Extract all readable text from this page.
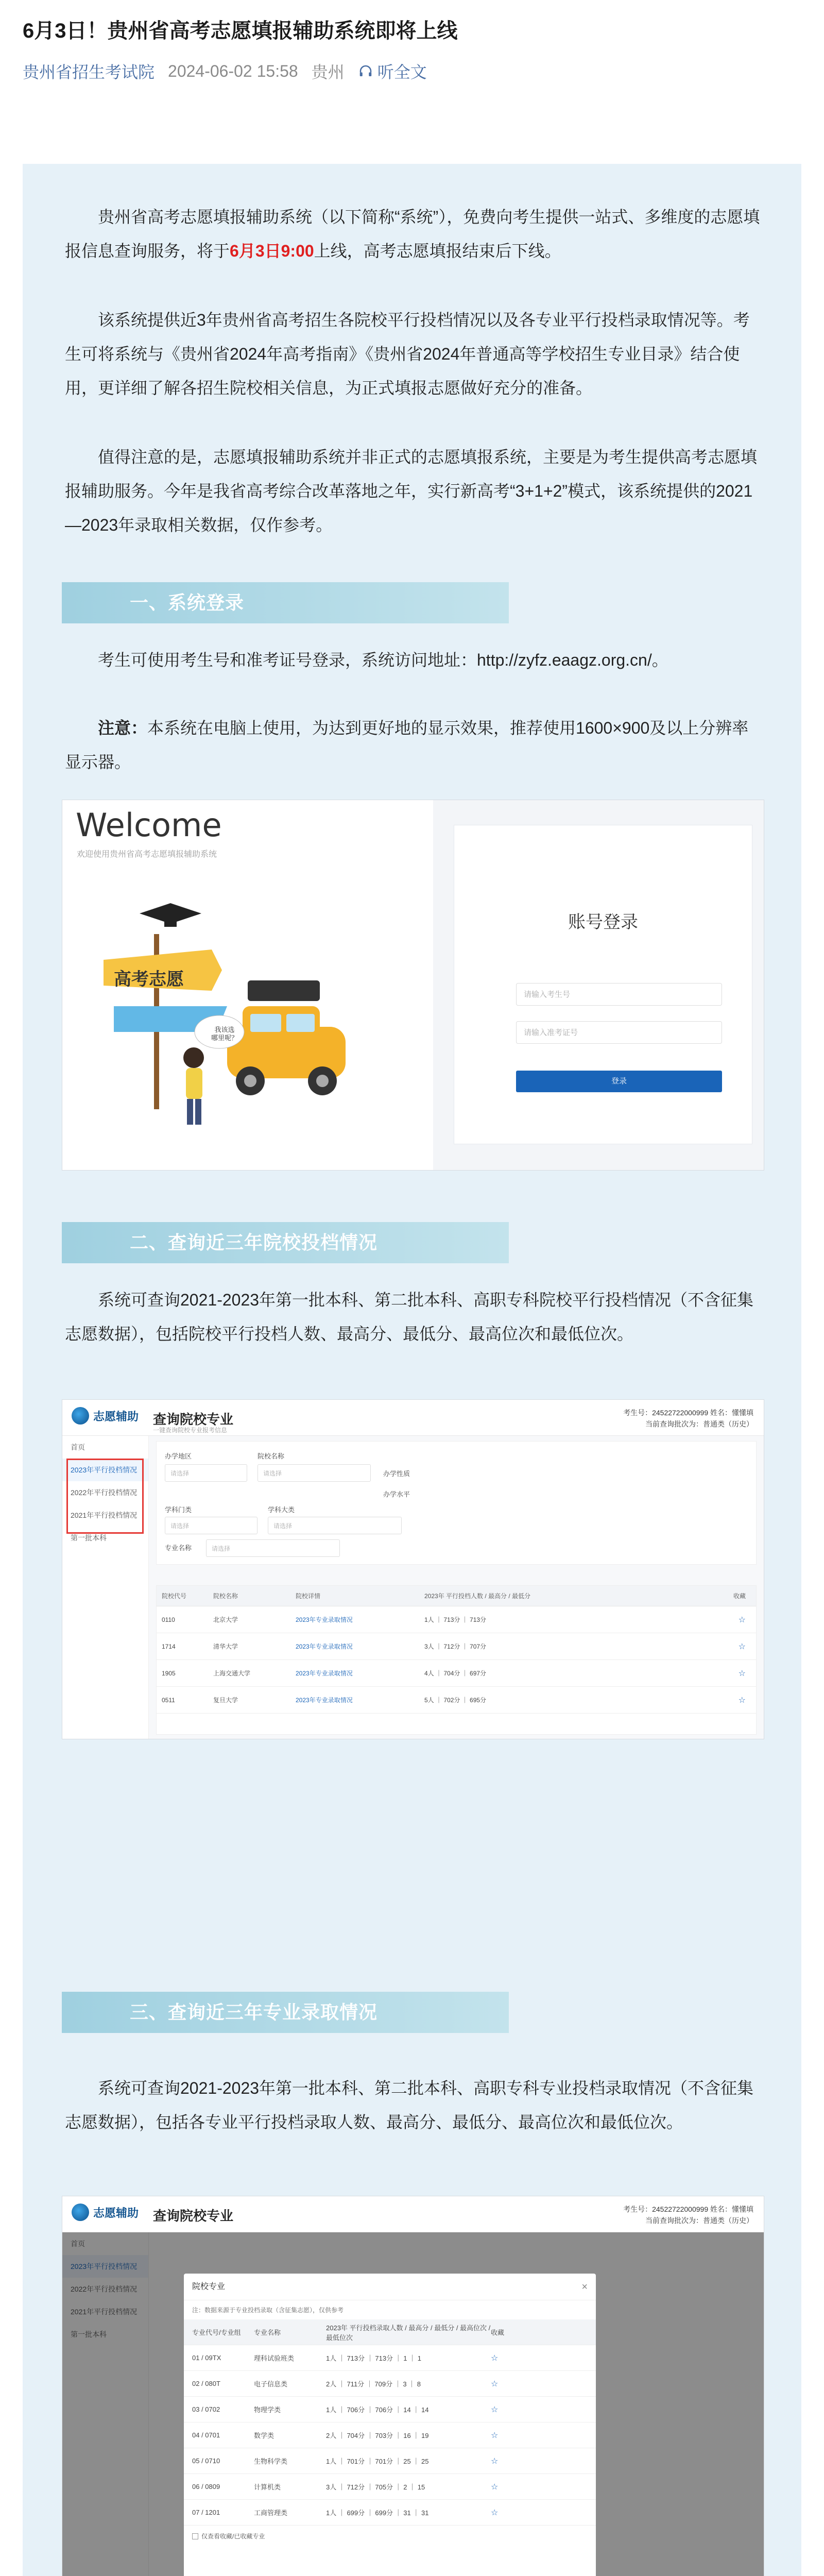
6月3日！贵州省高考志愿填报辅助系统即将上线
贵州省招生考试院 2024-06-02 15:58 贵州 听全文
贵州省高考志愿填报辅助系统（以下简称“系统”），免费向考生提供一站式、多维度的志愿填报信息查询服务，将于6月3日9:00上线，高考志愿填报结束后下线。
该系统提供近3年贵州省高考招生各院校平行投档情况以及各专业平行投档录取情况等。考生可将系统与《贵州省2024年高考指南》《贵州省2024年普通高等学校招生专业目录》结合使用，更详细了解各招生院校相关信息，为正式填报志愿做好充分的准备。
值得注意的是，志愿填报辅助系统并非正式的志愿填报系统，主要是为考生提供高考志愿填报辅助服务。今年是我省高考综合改革落地之年，实行新高考“3+1+2”模式，该系统提供的2021—2023年录取相关数据，仅作参考。
一、系统登录
考生可使用考生号和准考证号登录，系统访问地址：http://zyfz.eaagz.org.cn/。
注意：本系统在电脑上使用，为达到更好地的显示效果，推荐使用1600×900及以上分辨率显示器。
Welcome
欢迎使用贵州省高考志愿填报辅助系统
高考志愿
我该选
哪里呢？
账号登录
请输入考生号
请输入准考证号
登录
二、查询近三年院校投档情况
系统可查询2021-2023年第一批本科、第二批本科、高职专科院校平行投档情况（不含征集志愿数据），包括院校平行投档人数、最高分、最低分、最高位次和最低位次。
志愿辅助 查询院校专业
一键查询院校专业报考信息
考生号：24522722000999 姓名：懂懂填
当前查询批次为：普通类（历史）
首页
2023年平行投档情况
2022年平行投档情况
2021年平行投档情况
第一批本科
办学地区
请选择
院校名称
请选择	办学性质
办学水平
学科门类
请选择
学科大类
请选择
专业名称	请选择
院校代号	院校名称	院校详情	2023年 平行投档人数 / 最高分 / 最低分	收藏
0110	北京大学	2023年专业录取情况	1人 ｜ 713分 ｜ 713分	☆
1714	清华大学	2023年专业录取情况	3人 ｜ 712分 ｜ 707分	☆
1905	上海交通大学	2023年专业录取情况	4人 ｜ 704分 ｜ 697分	☆
0511	复旦大学	2023年专业录取情况	5人 ｜ 702分 ｜ 695分	☆
三、查询近三年专业录取情况
系统可查询2021-2023年第一批本科、第二批本科、高职专科专业投档录取情况（不含征集志愿数据），包括各专业平行投档录取人数、最高分、最低分、最高位次和最低位次。
志愿辅助 查询院校专业	考生号：24522722000999 姓名：懂懂填
当前查询批次为：普通类（历史）
首页
2023年平行投档情况
2022年平行投档情况
2021年平行投档情况
第一批本科
院校专业	×
注：数据来源于专业投档录取（含征集志愿），仅供参考
专业代号/专业组	专业名称
2023年 平行投档录取人数 / 最高分 / 最低分 / 最高位次 / 最低位次
收藏
01 / 09TX	理科试验班类	1人 ｜ 713分 ｜ 713分 ｜ 1 ｜ 1	☆
02 / 080T	电子信息类	2人 ｜ 711分 ｜ 709分 ｜ 3 ｜ 8	☆
03 / 0702	物理学类	1人 ｜ 706分 ｜ 706分 ｜ 14 ｜ 14	☆
04 / 0701	数学类	2人 ｜ 704分 ｜ 703分 ｜ 16 ｜ 19	☆
05 / 0710	生物科学类	1人 ｜ 701分 ｜ 701分 ｜ 25 ｜ 25	☆
06 / 0809	计算机类	3人 ｜ 712分 ｜ 705分 ｜ 2 ｜ 15	☆
07 / 1201	工商管理类	1人 ｜ 699分 ｜ 699分 ｜ 31 ｜ 31	☆
仅查看收藏/已收藏专业
